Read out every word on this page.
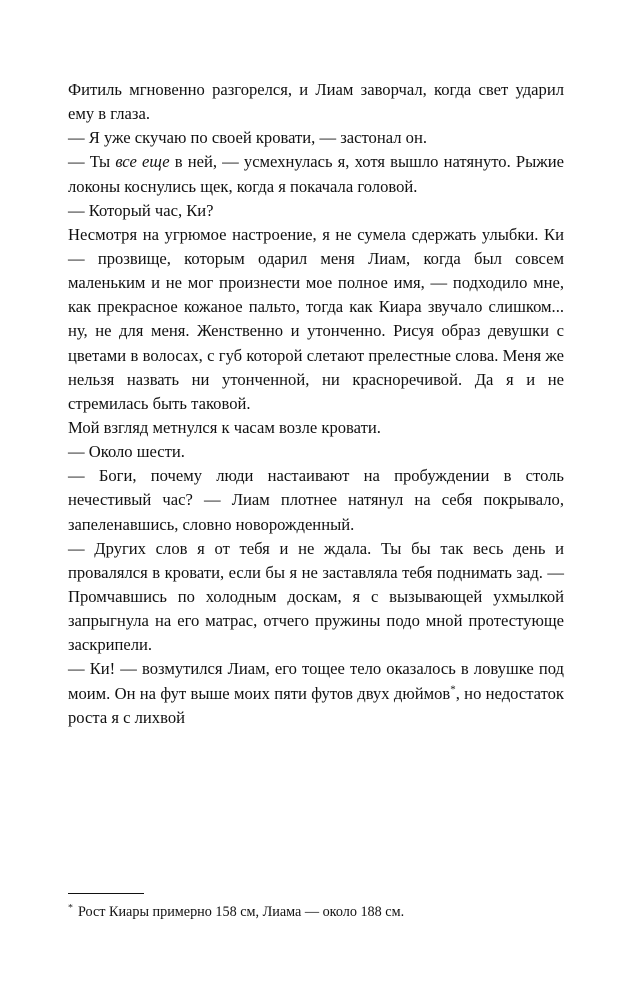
Фитиль мгновенно разгорелся, и Лиам заворчал, когда свет ударил ему в глаза.

— Я уже скучаю по своей кровати, — застонал он.

— Ты все еще в ней, — усмехнулась я, хотя вышло натянуто. Рыжие локоны коснулись щек, когда я покачала головой.

— Который час, Ки?

Несмотря на угрюмое настроение, я не сумела сдержать улыбки. Ки — прозвище, которым одарил меня Лиам, когда был совсем маленьким и не мог произнести мое полное имя, — подходило мне, как прекрасное кожаное пальто, тогда как Киара звучало слишком... ну, не для меня. Женственно и утонченно. Рисуя образ девушки с цветами в волосах, с губ которой слетают прелестные слова. Меня же нельзя назвать ни утонченной, ни красноречивой. Да я и не стремилась быть таковой.

Мой взгляд метнулся к часам возле кровати.

— Около шести.

— Боги, почему люди настаивают на пробуждении в столь нечестивый час? — Лиам плотнее натянул на себя покрывало, запеленавшись, словно новорожденный.

— Других слов я от тебя и не ждала. Ты бы так весь день и провалялся в кровати, если бы я не заставляла тебя поднимать зад. — Промчавшись по холодным доскам, я с вызывающей ухмылкой запрыгнула на его матрас, отчего пружины подо мной протестующе заскрипели.

— Ки! — возмутился Лиам, его тощее тело оказалось в ловушке под моим. Он на фут выше моих пяти футов двух дюймов*, но недостаток роста я с лихвой

* Рост Киары примерно 158 см, Лиама — около 188 см.
